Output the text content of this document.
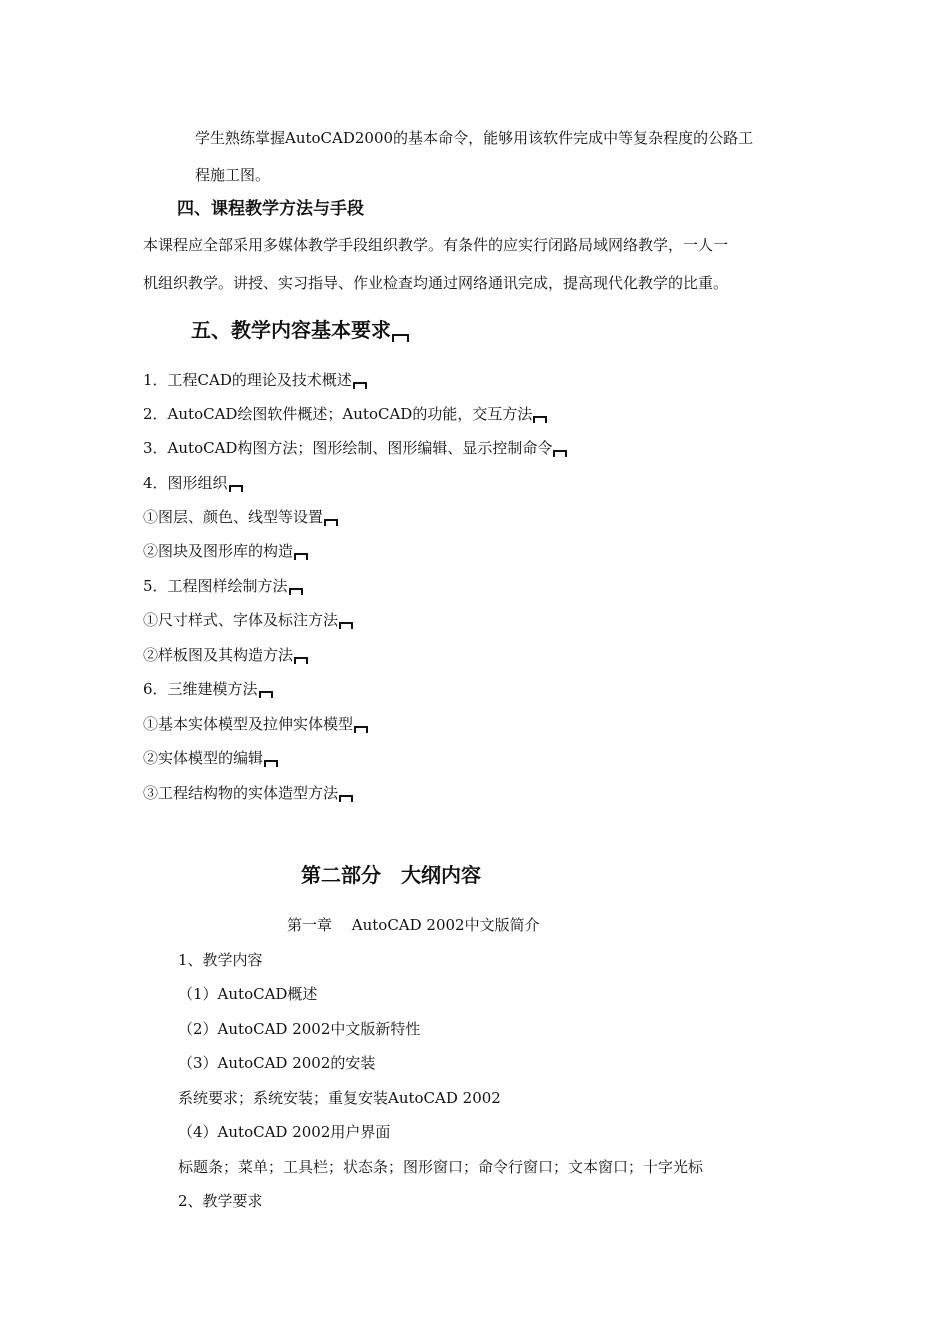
学生熟练掌握AutoCAD2000的基本命令，能够用该软件完成中等复杂程度的公路工
程施工图。
四、课程教学方法与手段
本课程应全部采用多媒体教学手段组织教学。有条件的应实行闭路局域网络教学，一人一
机组织教学。讲授、实习指导、作业检查均通过网络通讯完成，提高现代化教学的比重。
五、教学内容基本要求
1．工程CAD的理论及技术概述
2．AutoCAD绘图软件概述；AutoCAD的功能，交互方法
3．AutoCAD构图方法；图形绘制、图形编辑、显示控制命令
4．图形组织
①图层、颜色、线型等设置
②图块及图形库的构造
5．工程图样绘制方法
①尺寸样式、字体及标注方法
②样板图及其构造方法
6．三维建模方法
①基本实体模型及拉伸实体模型
②实体模型的编辑
③工程结构物的实体造型方法
第二部分　大纲内容
第一章　 AutoCAD 2002中文版简介
1、教学内容
（1）AutoCAD概述
（2）AutoCAD 2002中文版新特性
（3）AutoCAD 2002的安装
系统要求；系统安装；重复安装AutoCAD 2002
（4）AutoCAD 2002用户界面
标题条；菜单；工具栏；状态条；图形窗口；命令行窗口；文本窗口；十字光标
2、教学要求
